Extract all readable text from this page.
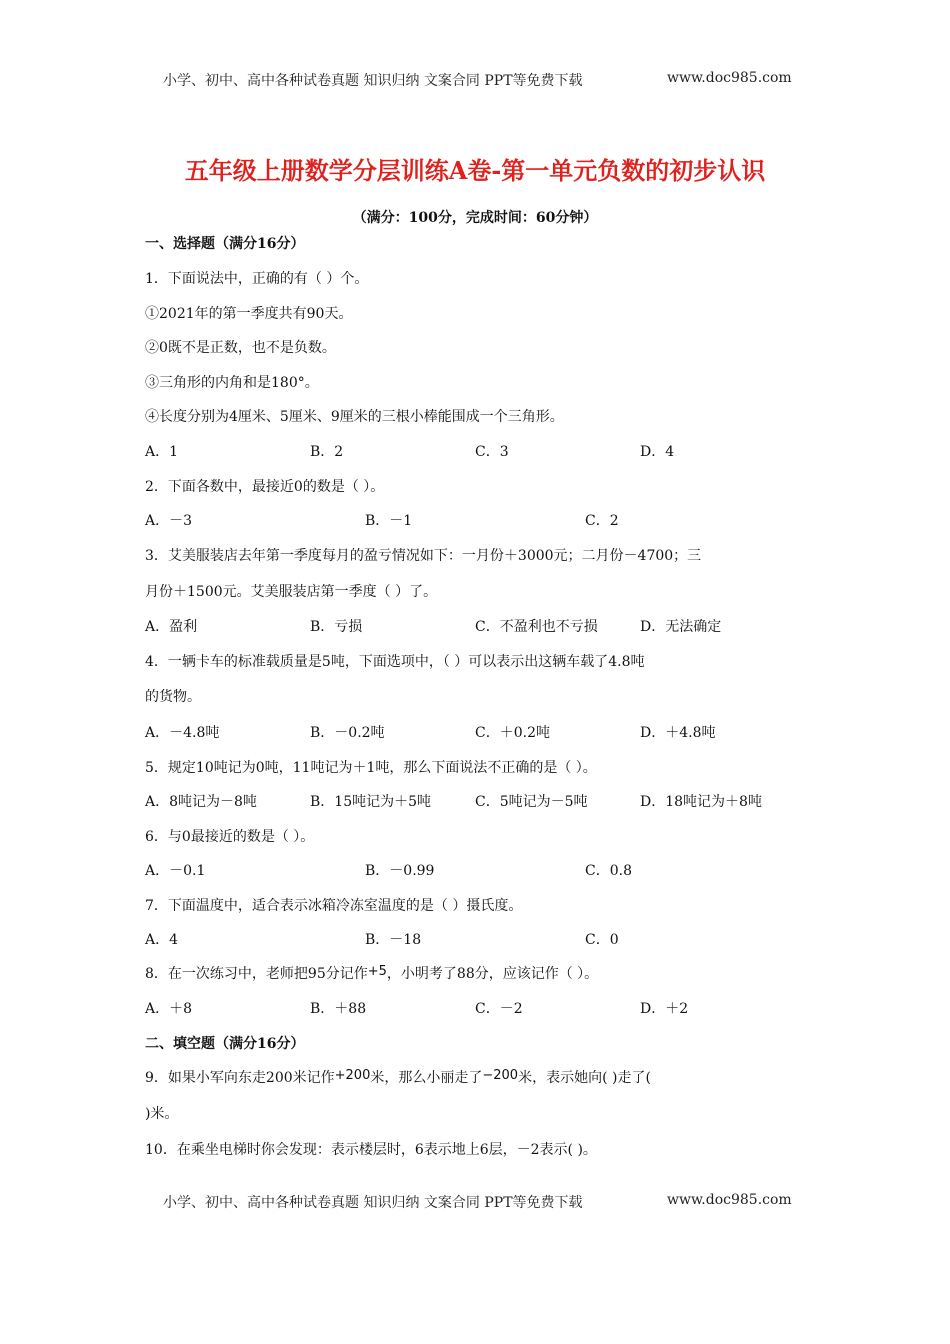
小学、初中、高中各种试卷真题 知识归纳 文案合同 PPT等免费下载	www.doc985.com
五年级上册数学分层训练A卷-第一单元负数的初步认识
（满分：100分，完成时间：60分钟）
一、选择题（满分16分）
1．下面说法中，正确的有（ ）个。
①2021年的第一季度共有90天。
②0既不是正数，也不是负数。
③三角形的内角和是180°。
④长度分别为4厘米、5厘米、9厘米的三根小棒能围成一个三角形。
A．1	B．2	C．3	D．4
2．下面各数中，最接近0的数是（ ）。
A．－3	B．－1	C．2
3．艾美服装店去年第一季度每月的盈亏情况如下：一月份＋3000元；二月份－4700；三
月份＋1500元。艾美服装店第一季度（ ）了。
A．盈利	B．亏损	C．不盈利也不亏损	D．无法确定
4．一辆卡车的标准载质量是5吨，下面选项中，（ ）可以表示出这辆车载了4.8吨
的货物。
A．－4.8吨	B．－0.2吨	C．＋0.2吨	D．＋4.8吨
5．规定10吨记为0吨，11吨记为＋1吨，那么下面说法不正确的是（ ）。
A．8吨记为－8吨	B．15吨记为＋5吨	C．5吨记为－5吨	D．18吨记为＋8吨
6．与0最接近的数是（ ）。
A．－0.1	B．－0.99	C．0.8
7．下面温度中，适合表示冰箱冷冻室温度的是（ ）摄氏度。
A．4	B．－18	C．0
8．在一次练习中，老师把95分记作+5，小明考了88分，应该记作（ ）。
A．＋8	B．＋88	C．－2	D．＋2
二、填空题（满分16分）
9．如果小军向东走200米记作+200米，那么小丽走了−200米，表示她向( )走了(
)米。
10．在乘坐电梯时你会发现：表示楼层时，6表示地上6层，－2表示( )。
小学、初中、高中各种试卷真题 知识归纳 文案合同 PPT等免费下载	www.doc985.com
